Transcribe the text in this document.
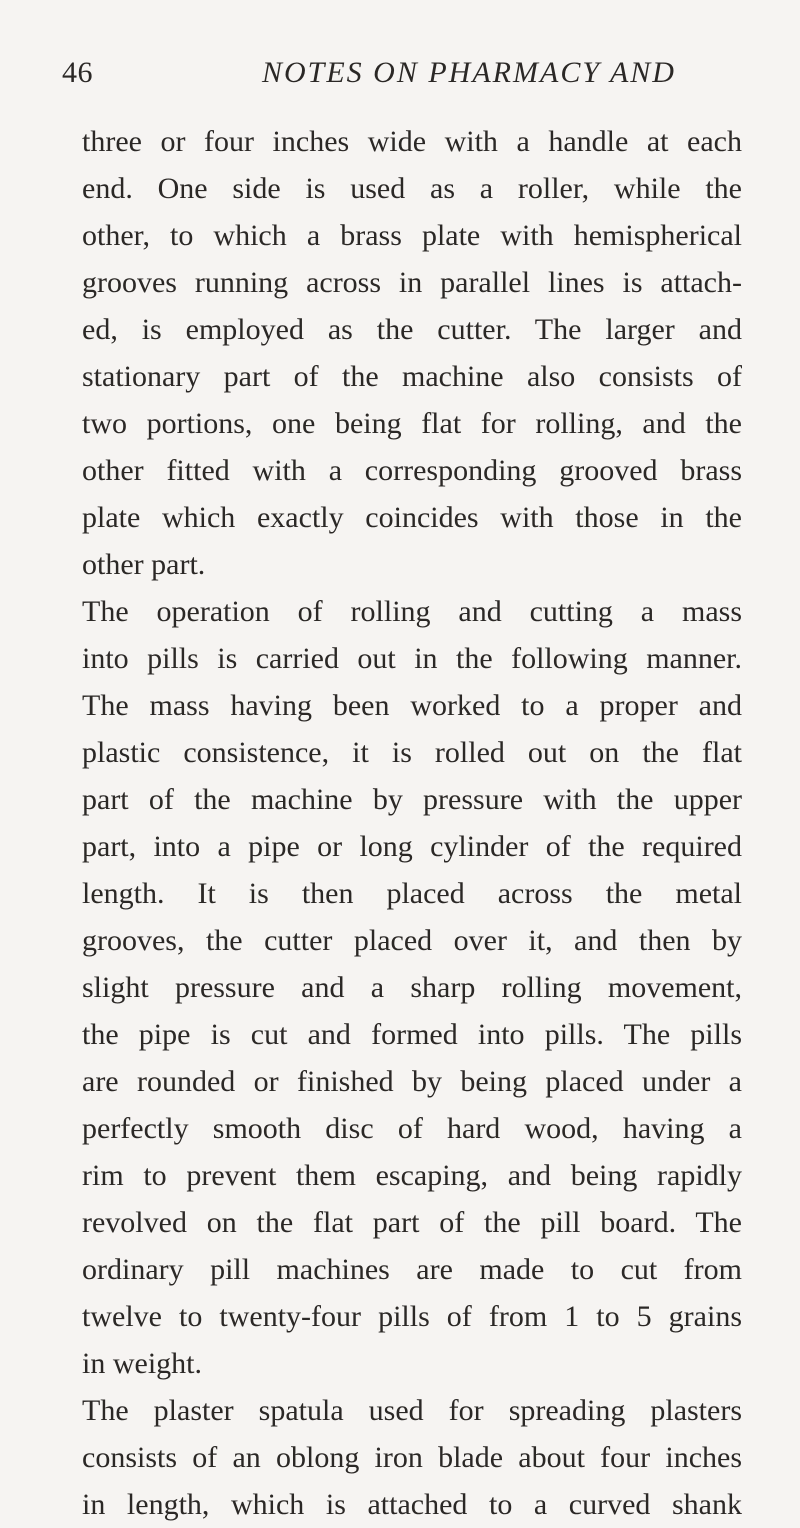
46	NOTES ON PHARMACY AND
three or four inches wide with a handle at each
end. One side is used as a roller, while the
other, to which a brass plate with hemispherical
grooves running across in parallel lines is attach-
ed, is employed as the cutter. The larger and
stationary part of the machine also consists of
two portions, one being flat for rolling, and the
other fitted with a corresponding grooved brass
plate which exactly coincides with those in the
other part.
The operation of rolling and cutting a mass
into pills is carried out in the following manner.
The mass having been worked to a proper and
plastic consistence, it is rolled out on the flat
part of the machine by pressure with the upper
part, into a pipe or long cylinder of the required
length. It is then placed across the metal
grooves, the cutter placed over it, and then by
slight pressure and a sharp rolling movement,
the pipe is cut and formed into pills. The pills
are rounded or finished by being placed under a
perfectly smooth disc of hard wood, having a
rim to prevent them escaping, and being rapidly
revolved on the flat part of the pill board. The
ordinary pill machines are made to cut from
twelve to twenty-four pills of from 1 to 5 grains
in weight.
The plaster spatula used for spreading plasters
consists of an oblong iron blade about four inches
in length, which is attached to a curved shank
